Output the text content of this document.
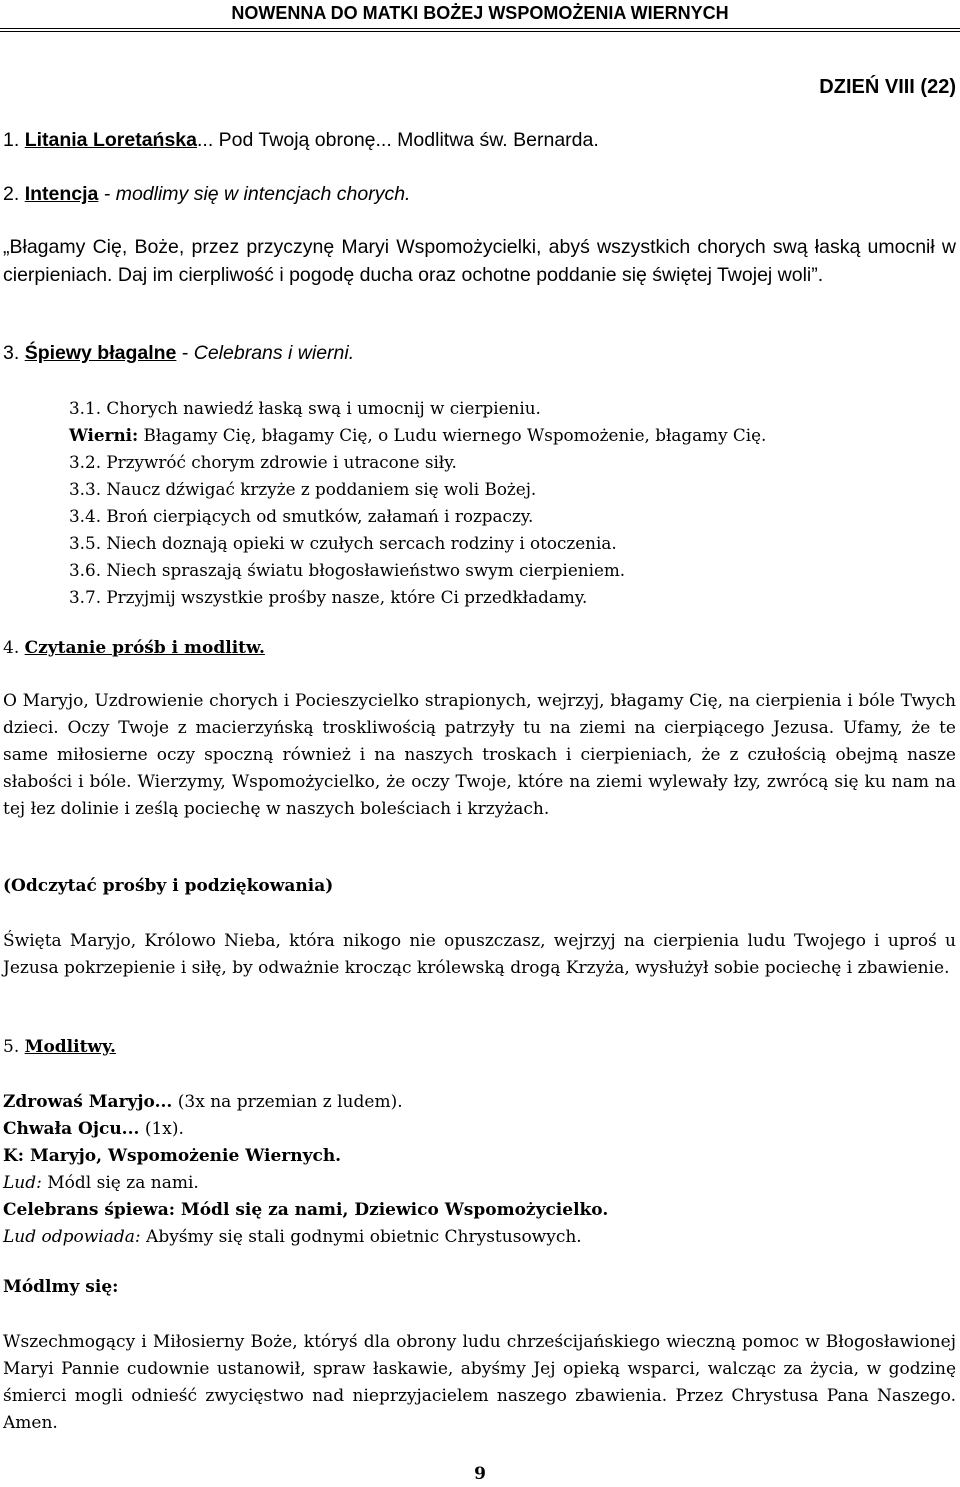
NOWENNA DO MATKI BOŻEJ WSPOMOŻENIA WIERNYCH
DZIEŃ VIII (22)
1. Litania Loretańska... Pod Twoją obronę... Modlitwa św. Bernarda.
2. Intencja - modlimy się w intencjach chorych.
„Błagamy Cię, Boże, przez przyczynę Maryi Wspomożycielki, abyś wszystkich chorych swą łaską umocnił w cierpieniach. Daj im cierpliwość i pogodę ducha oraz ochotne poddanie się świętej Twojej woli”.
3. Śpiewy błagalne - Celebrans i wierni.
3.1. Chorych nawiedź łaską swą i umocnij w cierpieniu.
Wierni: Błagamy Cię, błagamy Cię, o Ludu wiernego Wspomożenie, błagamy Cię.
3.2. Przywróć chorym zdrowie i utracone siły.
3.3. Naucz dźwigać krzyże z poddaniem się woli Bożej.
3.4. Broń cierpiących od smutków, załamań i rozpaczy.
3.5. Niech doznają opieki w czułych sercach rodziny i otoczenia.
3.6. Niech spraszają światu błogosławieństwo swym cierpieniem.
3.7. Przyjmij wszystkie prośby nasze, które Ci przedkładamy.
4. Czytanie próśb i modlitw.
O Maryjo, Uzdrowienie chorych i Pocieszycielko strapionych, wejrzyj, błagamy Cię, na cierpienia i bóle Twych dzieci. Oczy Twoje z macierzyńską troskliwością patrzyły tu na ziemi na cierpiącego Jezusa. Ufamy, że te same miłosierne oczy spoczną również i na naszych troskach i cierpieniach, że z czułością obejmą nasze słabości i bóle. Wierzymy, Wspomożycielko, że oczy Twoje, które na ziemi wylewały łzy, zwrócą się ku nam na tej łez dolinie i ześlą pociechę w naszych boleściach i krzyżach.
(Odczytać prośby i podziękowania)
Święta Maryjo, Królowo Nieba, która nikogo nie opuszczasz, wejrzyj na cierpienia ludu Twojego i uproś u Jezusa pokrzepienie i siłę, by odważnie krocząc królewską drogą Krzyża, wysłużył sobie pociechę i zbawienie.
5. Modlitwy.
Zdrowaś Maryjo... (3x na przemian z ludem).
Chwała Ojcu... (1x).
K: Maryjo, Wspomożenie Wiernych.
Lud: Módl się za nami.
Celebrans śpiewa: Módl się za nami, Dziewico Wspomożycielko.
Lud odpowiada: Abyśmy się stali godnymi obietnic Chrystusowych.
Módlmy się:
Wszechmogący i Miłosierny Boże, któryś dla obrony ludu chrześcijańskiego wieczną pomoc w Błogosławionej Maryi Pannie cudownie ustanowił, spraw łaskawie, abyśmy Jej opieką wsparci, walcząc za życia, w godzinę śmierci mogli odnieść zwycięstwo nad nieprzyjacielem naszego zbawienia. Przez Chrystusa Pana Naszego. Amen.
9
